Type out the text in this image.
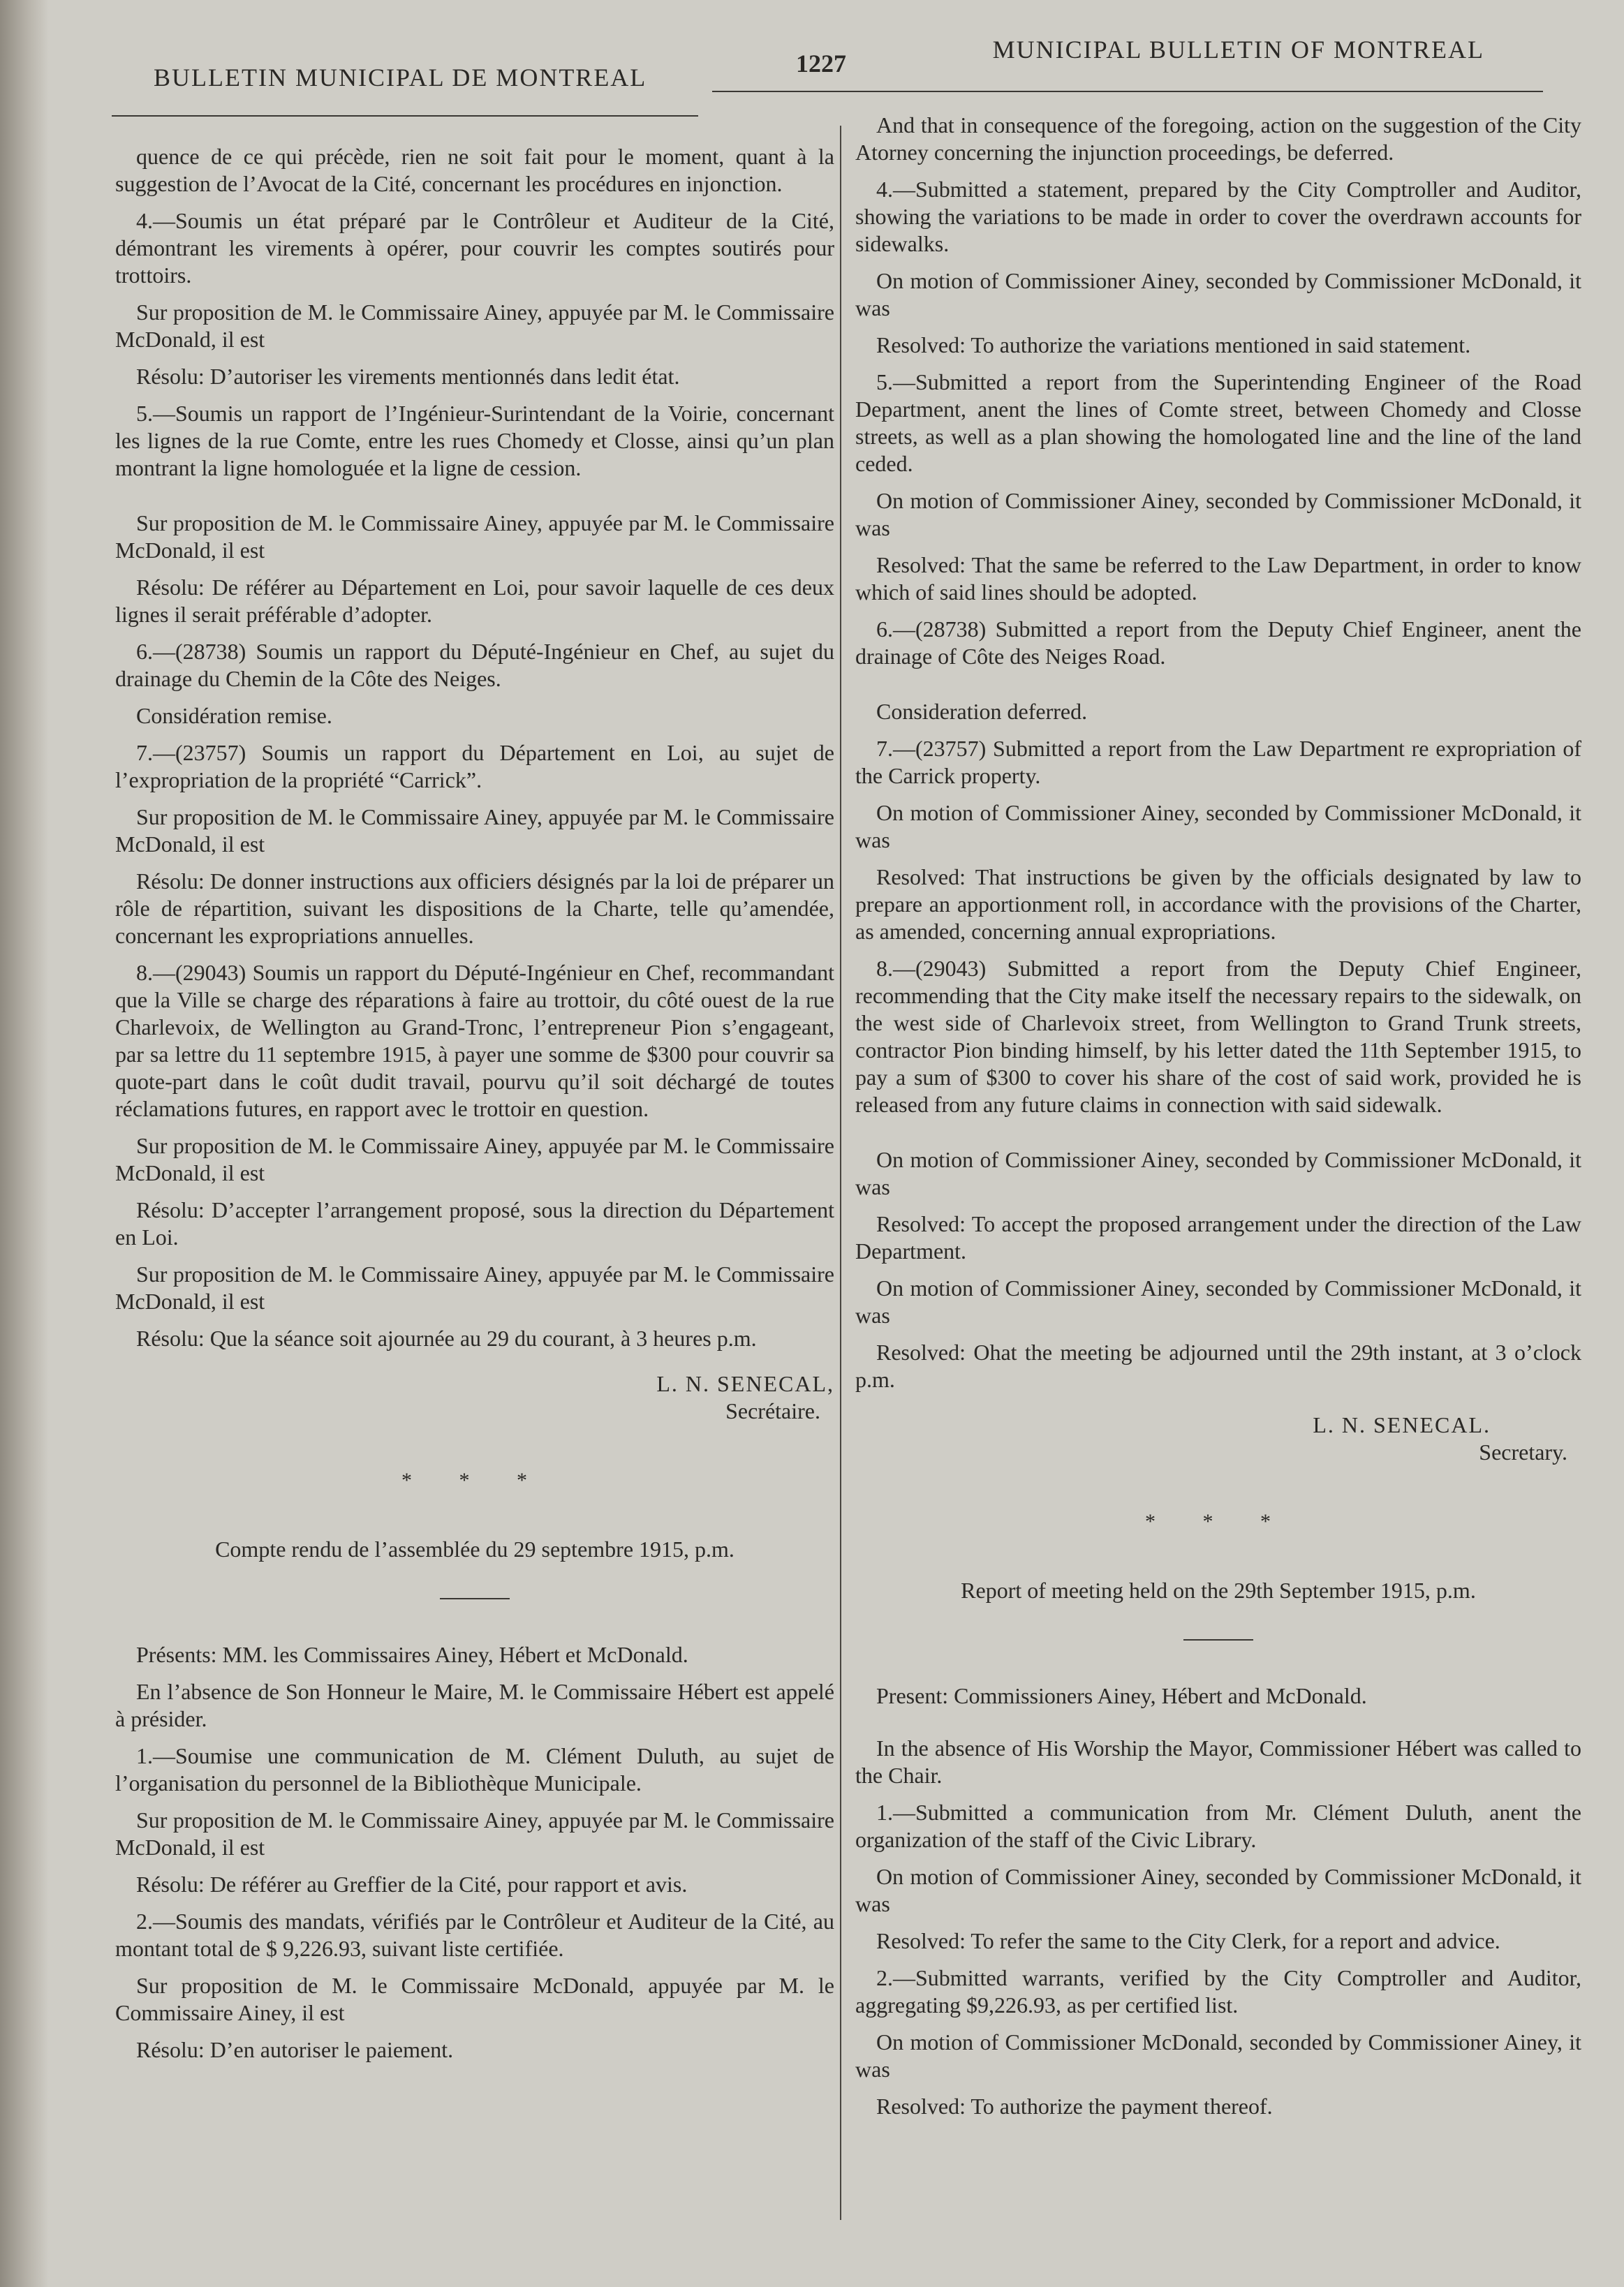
BULLETIN MUNICIPAL DE MONTREAL	1227	MUNICIPAL BULLETIN OF MONTREAL

quence de ce qui précède, rien ne soit fait pour le moment, quant à la suggestion de l’Avocat de la Cité, concernant les procédures en injonction.

4.—Soumis un état préparé par le Contrôleur et Auditeur de la Cité, démontrant les virements à opérer, pour couvrir les comptes soutirés pour trottoirs.

Sur proposition de M. le Commissaire Ainey, appuyée par M. le Commissaire McDonald, il est

Résolu: D’autoriser les virements mentionnés dans ledit état.

5.—Soumis un rapport de l’Ingénieur-Surintendant de la Voirie, concernant les lignes de la rue Comte, entre les rues Chomedy et Closse, ainsi qu’un plan montrant la ligne homologuée et la ligne de cession.

Sur proposition de M. le Commissaire Ainey, appuyée par M. le Commissaire McDonald, il est

Résolu: De référer au Département en Loi, pour savoir laquelle de ces deux lignes il serait préférable d’adopter.

6.—(28738) Soumis un rapport du Député-Ingénieur en Chef, au sujet du drainage du Chemin de la Côte des Neiges.

Considération remise.

7.—(23757) Soumis un rapport du Département en Loi, au sujet de l’expropriation de la propriété “Carrick”.

Sur proposition de M. le Commissaire Ainey, appuyée par M. le Commissaire McDonald, il est

Résolu: De donner instructions aux officiers désignés par la loi de préparer un rôle de répartition, suivant les dispositions de la Charte, telle qu’amendée, concernant les expropriations annuelles.

8.—(29043) Soumis un rapport du Député-Ingénieur en Chef, recommandant que la Ville se charge des réparations à faire au trottoir, du côté ouest de la rue Charlevoix, de Wellington au Grand-Tronc, l’entrepreneur Pion s’engageant, par sa lettre du 11 septembre 1915, à payer une somme de $300 pour couvrir sa quote-part dans le coût dudit travail, pourvu qu’il soit déchargé de toutes réclamations futures, en rapport avec le trottoir en question.

Sur proposition de M. le Commissaire Ainey, appuyée par M. le Commissaire McDonald, il est

Résolu: D’accepter l’arrangement proposé, sous la direction du Département en Loi.

Sur proposition de M. le Commissaire Ainey, appuyée par M. le Commissaire McDonald, il est

Résolu: Que la séance soit ajournée au 29 du courant, à 3 heures p.m.

L. N. SENECAL,

Secrétaire.

* * *

Compte rendu de l’assemblée du 29 septembre 1915, p.m.

Présents: MM. les Commissaires Ainey, Hébert et McDonald.

En l’absence de Son Honneur le Maire, M. le Commissaire Hébert est appelé à présider.

1.—Soumise une communication de M. Clément Duluth, au sujet de l’organisation du personnel de la Bibliothèque Municipale.

Sur proposition de M. le Commissaire Ainey, appuyée par M. le Commissaire McDonald, il est

Résolu: De référer au Greffier de la Cité, pour rapport et avis.

2.—Soumis des mandats, vérifiés par le Contrôleur et Auditeur de la Cité, au montant total de $ 9,226.93, suivant liste certifiée.

Sur proposition de M. le Commissaire McDonald, appuyée par M. le Commissaire Ainey, il est

Résolu: D’en autoriser le paiement.

And that in consequence of the foregoing, action on the suggestion of the City Atorney concerning the injunction proceedings, be deferred.

4.—Submitted a statement, prepared by the City Comptroller and Auditor, showing the variations to be made in order to cover the overdrawn accounts for sidewalks.

On motion of Commissioner Ainey, seconded by Commissioner McDonald, it was

Resolved: To authorize the variations mentioned in said statement.

5.—Submitted a report from the Superintending Engineer of the Road Department, anent the lines of Comte street, between Chomedy and Closse streets, as well as a plan showing the homologated line and the line of the land ceded.

On motion of Commissioner Ainey, seconded by Commissioner McDonald, it was

Resolved: That the same be referred to the Law Department, in order to know which of said lines should be adopted.

6.—(28738) Submitted a report from the Deputy Chief Engineer, anent the drainage of Côte des Neiges Road.

Consideration deferred.

7.—(23757) Submitted a report from the Law Department re expropriation of the Carrick property.

On motion of Commissioner Ainey, seconded by Commissioner McDonald, it was

Resolved: That instructions be given by the officials designated by law to prepare an apportionment roll, in accordance with the provisions of the Charter, as amended, concerning annual expropriations.

8.—(29043) Submitted a report from the Deputy Chief Engineer, recommending that the City make itself the necessary repairs to the sidewalk, on the west side of Charlevoix street, from Wellington to Grand Trunk streets, contractor Pion binding himself, by his letter dated the 11th September 1915, to pay a sum of $300 to cover his share of the cost of said work, provided he is released from any future claims in connection with said sidewalk.

On motion of Commissioner Ainey, seconded by Commissioner McDonald, it was

Resolved: To accept the proposed arrangement under the direction of the Law Department.

On motion of Commissioner Ainey, seconded by Commissioner McDonald, it was

Resolved: Ohat the meeting be adjourned until the 29th instant, at 3 o’clock p.m.

L. N. SENECAL.

Secretary.

* * *

Report of meeting held on the 29th September 1915, p.m.

Present: Commissioners Ainey, Hébert and McDonald.

In the absence of His Worship the Mayor, Commissioner Hébert was called to the Chair.

1.—Submitted a communication from Mr. Clément Duluth, anent the organization of the staff of the Civic Library.

On motion of Commissioner Ainey, seconded by Commissioner McDonald, it was

Resolved: To refer the same to the City Clerk, for a report and advice.

2.—Submitted warrants, verified by the City Comptroller and Auditor, aggregating $9,226.93, as per certified list.

On motion of Commissioner McDonald, seconded by Commissioner Ainey, it was

Resolved: To authorize the payment thereof.
